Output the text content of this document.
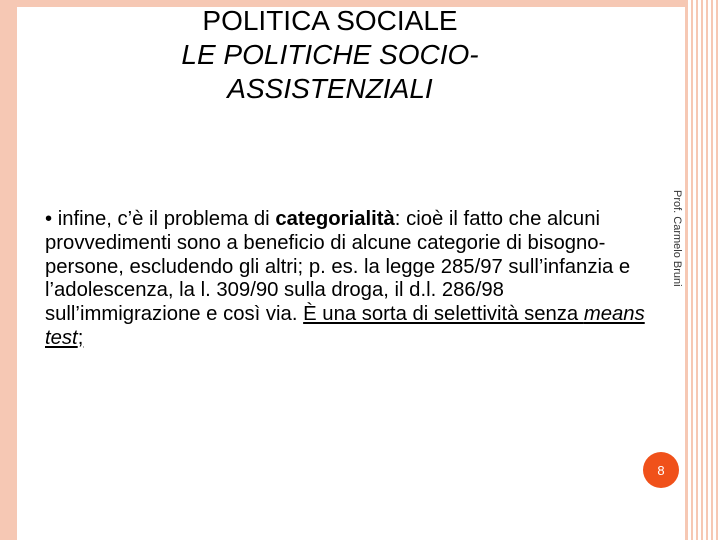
POLITICA SOCIALE
LE POLITICHE SOCIO-ASSISTENZIALI
Prof. Carmelo Bruni
• infine, c’è il problema di categorialità: cioè il fatto che alcuni provvedimenti sono a beneficio di alcune categorie di bisogno-persone, escludendo gli altri; p. es. la legge 285/97 sull’infanzia e l’adolescenza, la l. 309/90 sulla droga, il d.l. 286/98 sull’immigrazione e così via. È una sorta di selettività senza means test;
8
